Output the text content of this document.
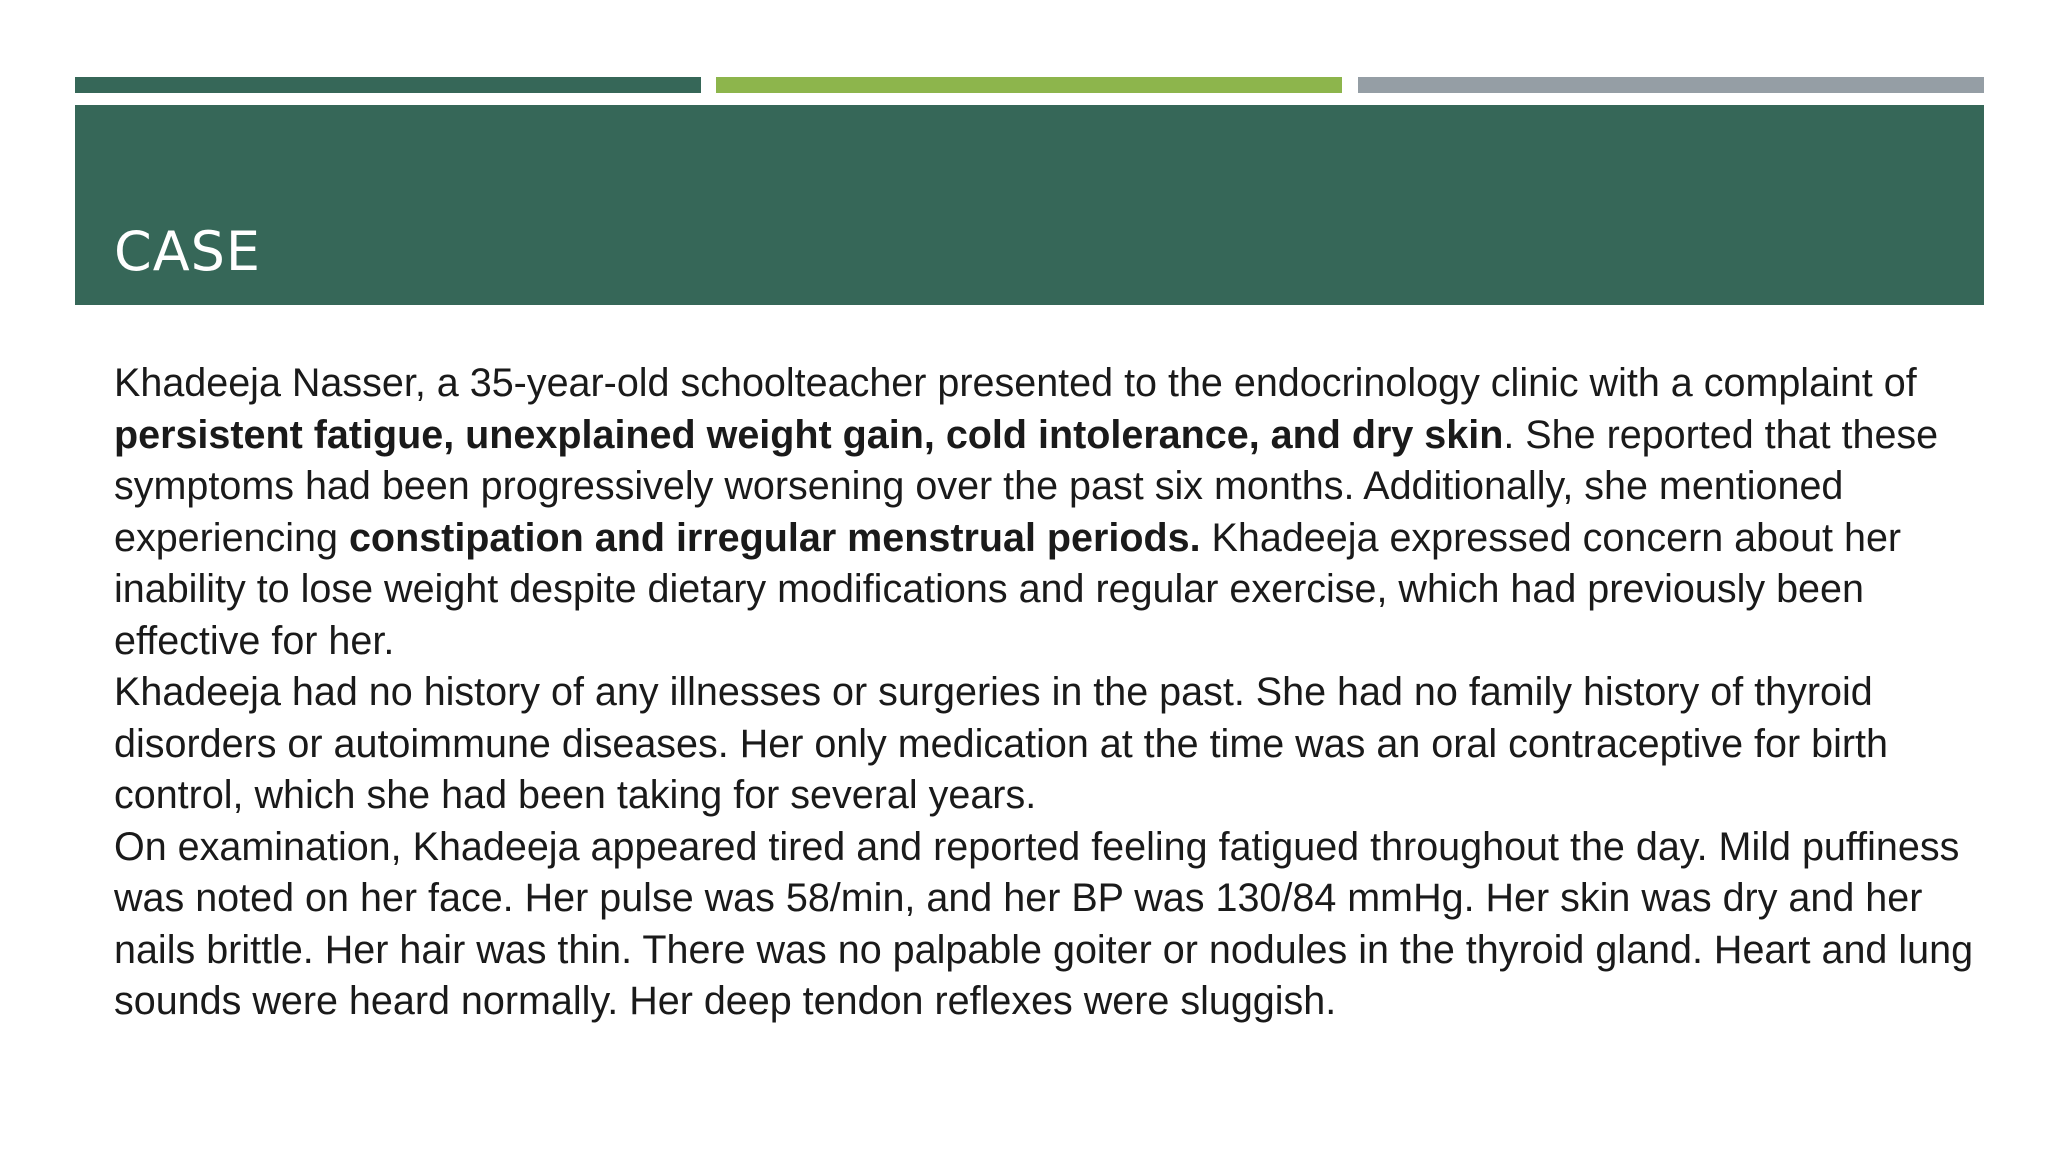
CASE

Khadeeja Nasser, a 35-year-old schoolteacher presented to the endocrinology clinic with a complaint of persistent fatigue, unexplained weight gain, cold intolerance, and dry skin. She reported that these symptoms had been progressively worsening over the past six months. Additionally, she mentioned experiencing constipation and irregular menstrual periods. Khadeeja expressed concern about her inability to lose weight despite dietary modifications and regular exercise, which had previously been effective for her.

Khadeeja had no history of any illnesses or surgeries in the past. She had no family history of thyroid disorders or autoimmune diseases. Her only medication at the time was an oral contraceptive for birth control, which she had been taking for several years.

On examination, Khadeeja appeared tired and reported feeling fatigued throughout the day. Mild puffiness was noted on her face. Her pulse was 58/min, and her BP was 130/84 mmHg. Her skin was dry and her nails brittle. Her hair was thin. There was no palpable goiter or nodules in the thyroid gland. Heart and lung sounds were heard normally. Her deep tendon reflexes were sluggish.
